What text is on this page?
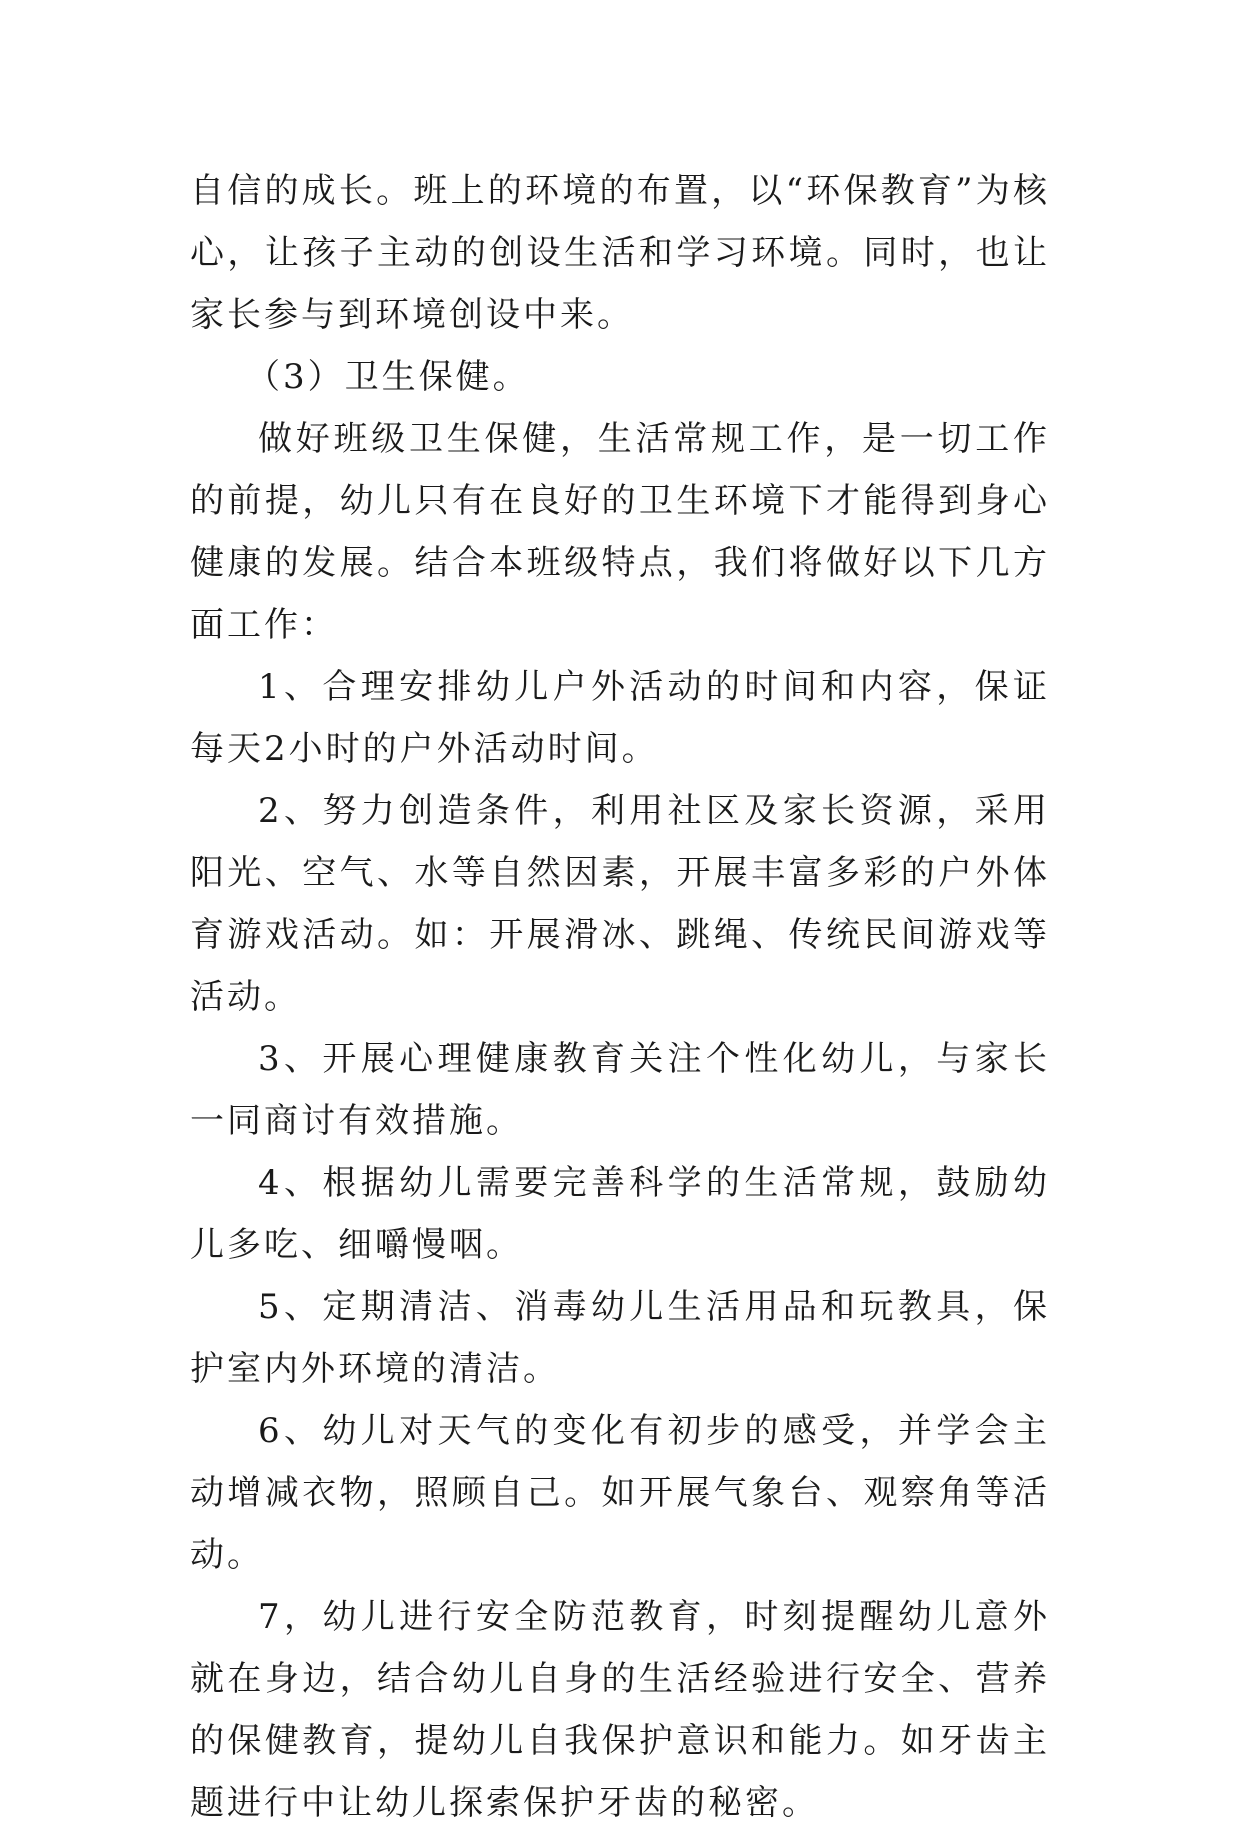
自信的成长。班上的环境的布置，以“环保教育”为核心，让孩子主动的创设生活和学习环境。同时，也让家长参与到环境创设中来。

（3）卫生保健。

做好班级卫生保健，生活常规工作，是一切工作的前提，幼儿只有在良好的卫生环境下才能得到身心健康的发展。结合本班级特点，我们将做好以下几方面工作：

1、合理安排幼儿户外活动的时间和内容，保证每天2小时的户外活动时间。

2、努力创造条件，利用社区及家长资源，采用阳光、空气、水等自然因素，开展丰富多彩的户外体育游戏活动。如：开展滑冰、跳绳、传统民间游戏等活动。

3、开展心理健康教育关注个性化幼儿，与家长一同商讨有效措施。

4、根据幼儿需要完善科学的生活常规，鼓励幼儿多吃、细嚼慢咽。

5、定期清洁、消毒幼儿生活用品和玩教具，保护室内外环境的清洁。

6、幼儿对天气的变化有初步的感受，并学会主动增减衣物，照顾自己。如开展气象台、观察角等活动。

7，幼儿进行安全防范教育，时刻提醒幼儿意外就在身边，结合幼儿自身的生活经验进行安全、营养的保健教育，提幼儿自我保护意识和能力。如牙齿主题进行中让幼儿探索保护牙齿的秘密。
